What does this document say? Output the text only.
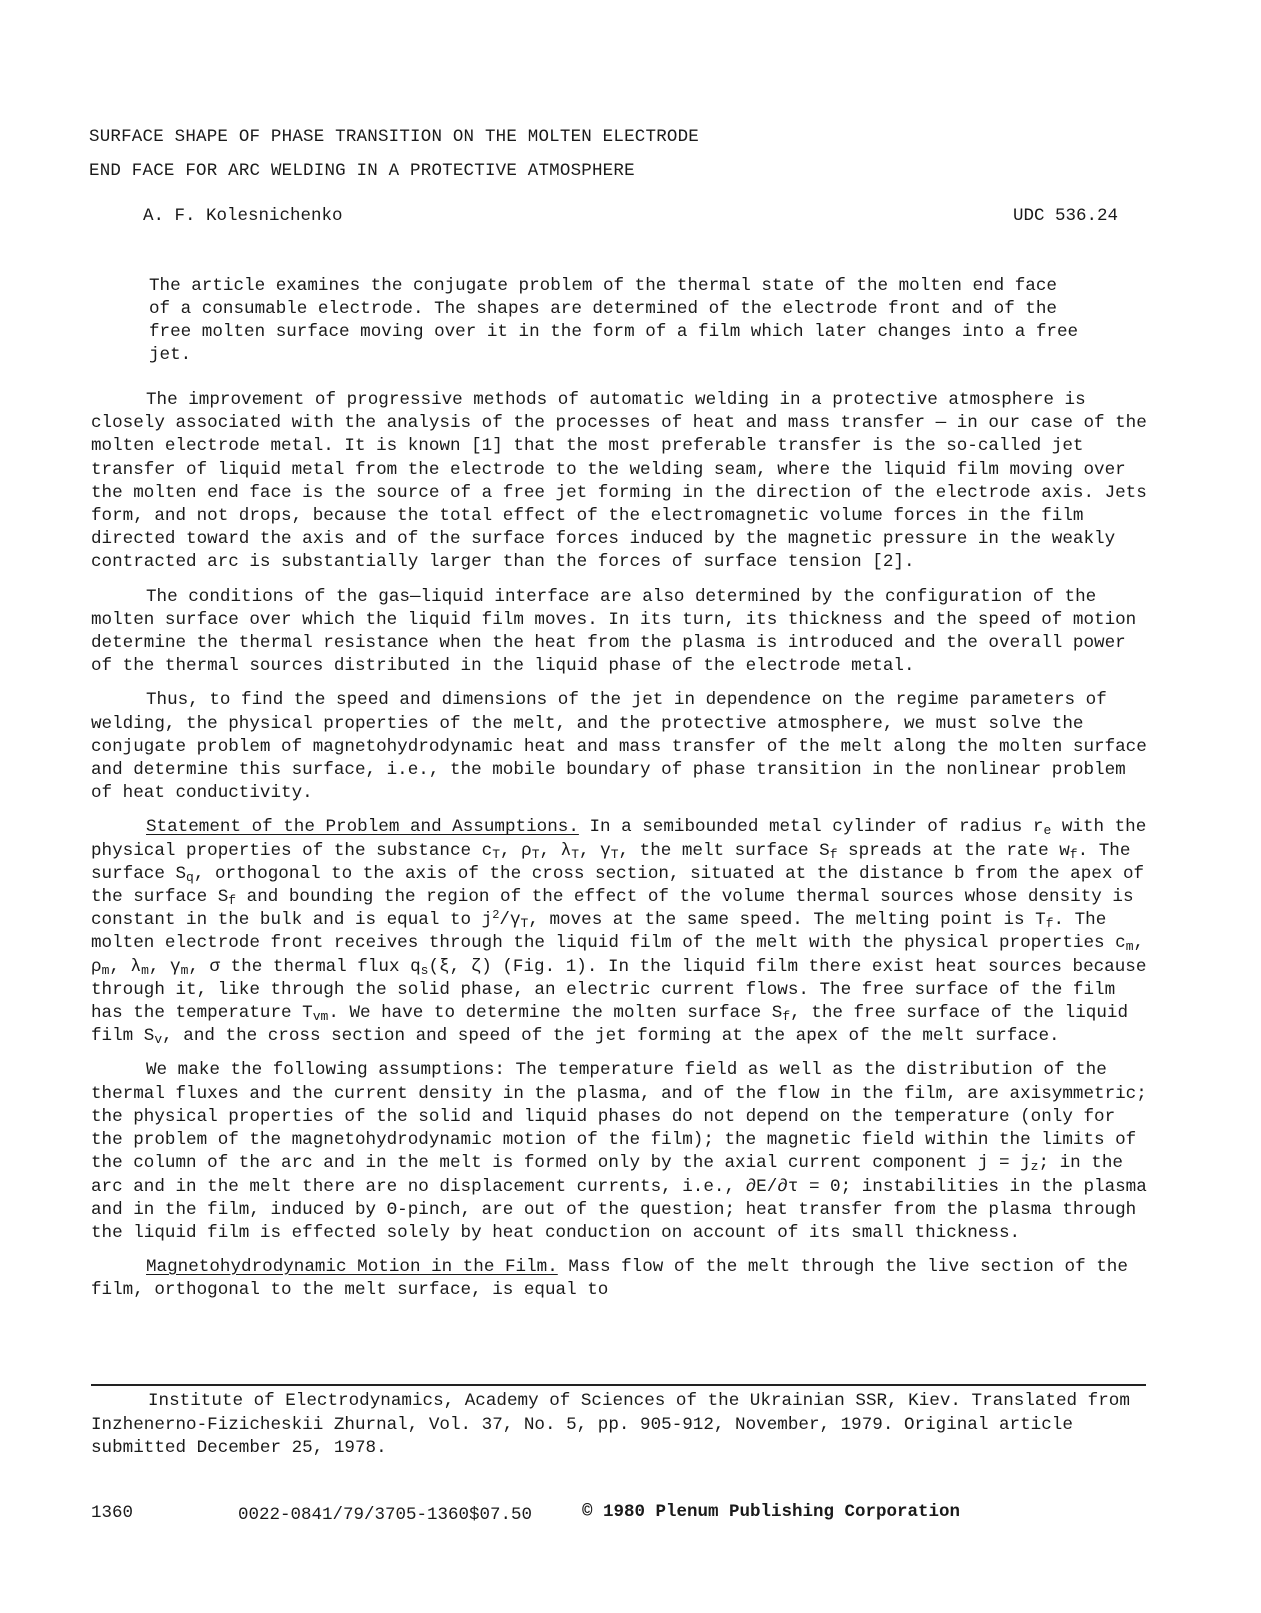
SURFACE SHAPE OF PHASE TRANSITION ON THE MOLTEN ELECTRODE
END FACE FOR ARC WELDING IN A PROTECTIVE ATMOSPHERE
A. F. Kolesnichenko	UDC 536.24
The article examines the conjugate problem of the thermal state of the molten end face of a consumable electrode. The shapes are determined of the electrode front and of the free molten surface moving over it in the form of a film which later changes into a free jet.

The improvement of progressive methods of automatic welding in a protective atmosphere is closely associated with the analysis of the processes of heat and mass transfer — in our case of the molten electrode metal. It is known [1] that the most preferable transfer is the so-called jet transfer of liquid metal from the electrode to the welding seam, where the liquid film moving over the molten end face is the source of a free jet forming in the direction of the electrode axis. Jets form, and not drops, because the total effect of the electromagnetic volume forces in the film directed toward the axis and of the surface forces induced by the magnetic pressure in the weakly contracted arc is substantially larger than the forces of surface tension [2].

The conditions of the gas—liquid interface are also determined by the configuration of the molten surface over which the liquid film moves. In its turn, its thickness and the speed of motion determine the thermal resistance when the heat from the plasma is introduced and the overall power of the thermal sources distributed in the liquid phase of the electrode metal.

Thus, to find the speed and dimensions of the jet in dependence on the regime parameters of welding, the physical properties of the melt, and the protective atmosphere, we must solve the conjugate problem of magnetohydrodynamic heat and mass transfer of the melt along the molten surface and determine this surface, i.e., the mobile boundary of phase transition in the nonlinear problem of heat conductivity.

Statement of the Problem and Assumptions. In a semibounded metal cylinder of radius $r_e$ with the physical properties of the substance $c_T$, $\rho_T$, $\lambda_T$, $\gamma_T$, the melt surface $S_f$ spreads at the rate $w_f$. The surface $S_q$, orthogonal to the axis of the cross section, situated at the distance b from the apex of the surface $S_f$ and bounding the region of the effect of the volume thermal sources whose density is constant in the bulk and is equal to $j^2/\gamma_T$, moves at the same speed. The melting point is $T_f$. The molten electrode front receives through the liquid film of the melt with the physical properties $c_m$, $\rho_m$, $\lambda_m$, $\gamma_m$, σ the thermal flux $q_s(\xi$, ζ) (Fig. 1). In the liquid film there exist heat sources because through it, like through the solid phase, an electric current flows. The free surface of the film has the temperature $T_{vm}$. We have to determine the molten surface $S_f$, the free surface of the liquid film $S_v$, and the cross section and speed of the jet forming at the apex of the melt surface.

We make the following assumptions: The temperature field as well as the distribution of the thermal fluxes and the current density in the plasma, and of the flow in the film, are axisymmetric; the physical properties of the solid and liquid phases do not depend on the temperature (only for the problem of the magnetohydrodynamic motion of the film); the magnetic field within the limits of the column of the arc and in the melt is formed only by the axial current component $j = j_z$; in the arc and in the melt there are no displacement currents, i.e., ∂E/∂τ = 0; instabilities in the plasma and in the film, induced by Θ-pinch, are out of the question; heat transfer from the plasma through the liquid film is effected solely by heat conduction on account of its small thickness.

Magnetohydrodynamic Motion in the Film. Mass flow of the melt through the live section of the film, orthogonal to the melt surface, is equal to

Institute of Electrodynamics, Academy of Sciences of the Ukrainian SSR, Kiev. Translated from Inzhenerno-Fizicheskii Zhurnal, Vol. 37, No. 5, pp. 905-912, November, 1979. Original article submitted December 25, 1978.
1360	0022-0841/79/3705-1360$07.50	© 1980 Plenum Publishing Corporation
